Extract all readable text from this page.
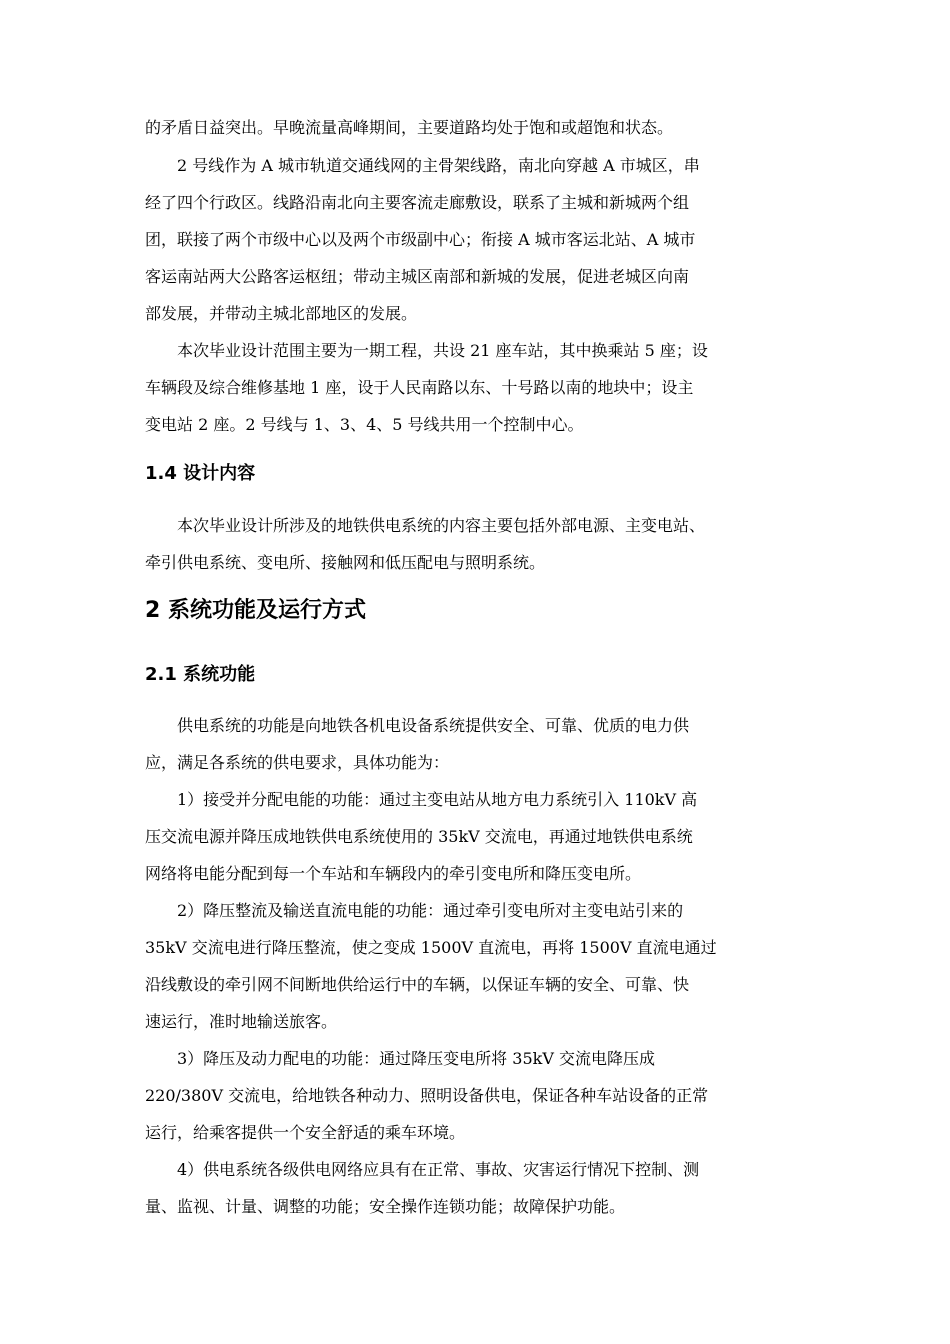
的矛盾日益突出。早晚流量高峰期间，主要道路均处于饱和或超饱和状态。
　　2 号线作为 A 城市轨道交通线网的主骨架线路，南北向穿越 A 市城区，串
经了四个行政区。线路沿南北向主要客流走廊敷设，联系了主城和新城两个组
团，联接了两个市级中心以及两个市级副中心；衔接 A 城市客运北站、A 城市
客运南站两大公路客运枢纽；带动主城区南部和新城的发展，促进老城区向南
部发展，并带动主城北部地区的发展。
　　本次毕业设计范围主要为一期工程，共设 21 座车站，其中换乘站 5 座；设
车辆段及综合维修基地 1 座，设于人民南路以东、十号路以南的地块中；设主
变电站 2 座。2 号线与 1、3、4、5 号线共用一个控制中心。
1.4 设计内容
　　本次毕业设计所涉及的地铁供电系统的内容主要包括外部电源、主变电站、
牵引供电系统、变电所、接触网和低压配电与照明系统。
2 系统功能及运行方式
2.1 系统功能
　　供电系统的功能是向地铁各机电设备系统提供安全、可靠、优质的电力供
应，满足各系统的供电要求，具体功能为：
　　1）接受并分配电能的功能：通过主变电站从地方电力系统引入 110kV 高
压交流电源并降压成地铁供电系统使用的 35kV 交流电，再通过地铁供电系统
网络将电能分配到每一个车站和车辆段内的牵引变电所和降压变电所。
　　2）降压整流及输送直流电能的功能：通过牵引变电所对主变电站引来的
35kV 交流电进行降压整流，使之变成 1500V 直流电，再将 1500V 直流电通过
沿线敷设的牵引网不间断地供给运行中的车辆，以保证车辆的安全、可靠、快
速运行，准时地输送旅客。
　　3）降压及动力配电的功能：通过降压变电所将 35kV 交流电降压成
220/380V 交流电，给地铁各种动力、照明设备供电，保证各种车站设备的正常
运行，给乘客提供一个安全舒适的乘车环境。
　　4）供电系统各级供电网络应具有在正常、事故、灾害运行情况下控制、测
量、监视、计量、调整的功能；安全操作连锁功能；故障保护功能。
